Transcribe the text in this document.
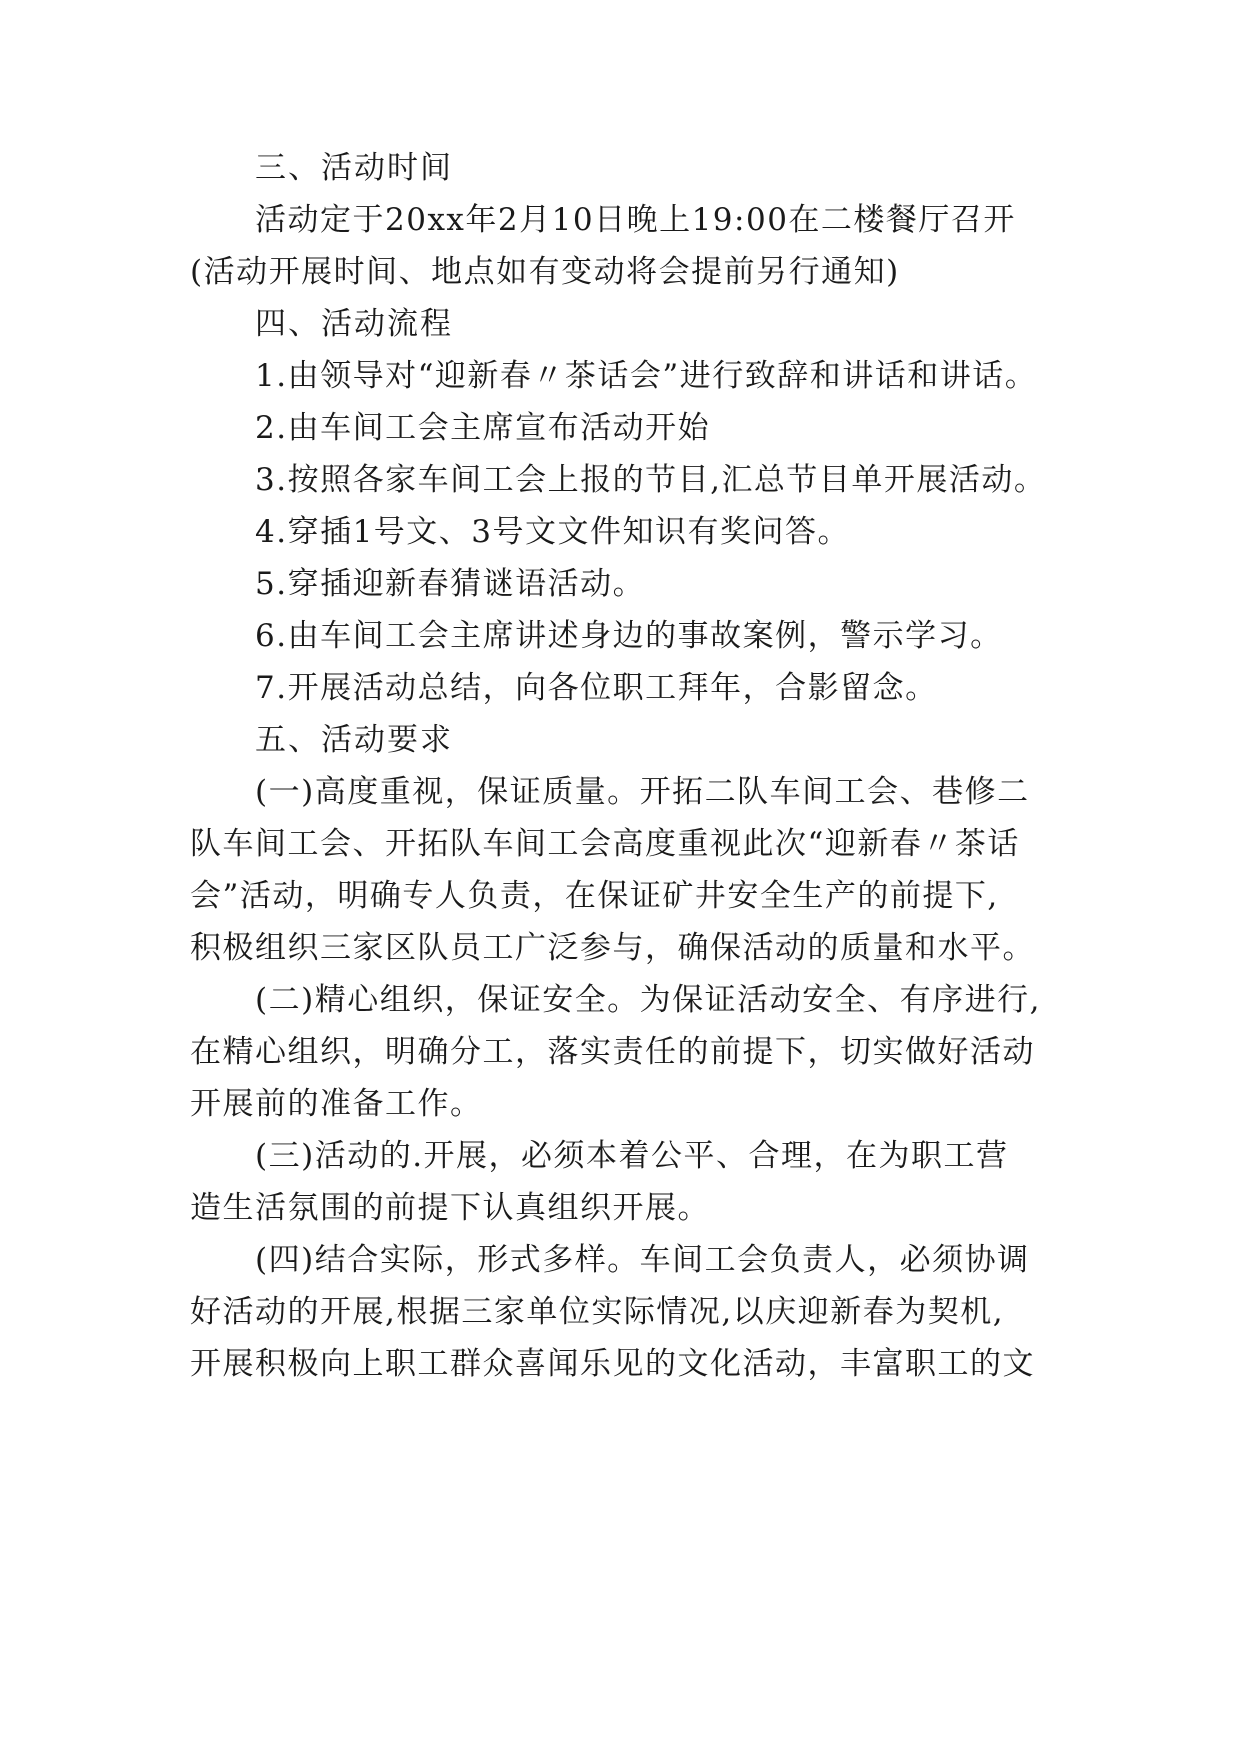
三、活动时间
活动定于20xx年2月10日晚上19:00在二楼餐厅召开
(活动开展时间、地点如有变动将会提前另行通知)
四、活动流程
1.由领导对“迎新春〃茶话会”进行致辞和讲话和讲话。
2.由车间工会主席宣布活动开始
3.按照各家车间工会上报的节目,汇总节目单开展活动。
4.穿插1号文、3号文文件知识有奖问答。
5.穿插迎新春猜谜语活动。
6.由车间工会主席讲述身边的事故案例，警示学习。
7.开展活动总结，向各位职工拜年，合影留念。
五、活动要求
(一)高度重视，保证质量。开拓二队车间工会、巷修二
队车间工会、开拓队车间工会高度重视此次“迎新春〃茶话
会”活动，明确专人负责，在保证矿井安全生产的前提下,
积极组织三家区队员工广泛参与，确保活动的质量和水平。
(二)精心组织，保证安全。为保证活动安全、有序进行,
在精心组织，明确分工，落实责任的前提下，切实做好活动
开展前的准备工作。
(三)活动的.开展，必须本着公平、合理，在为职工营
造生活氛围的前提下认真组织开展。
(四)结合实际，形式多样。车间工会负责人，必须协调
好活动的开展,根据三家单位实际情况,以庆迎新春为契机,
开展积极向上职工群众喜闻乐见的文化活动，丰富职工的文
